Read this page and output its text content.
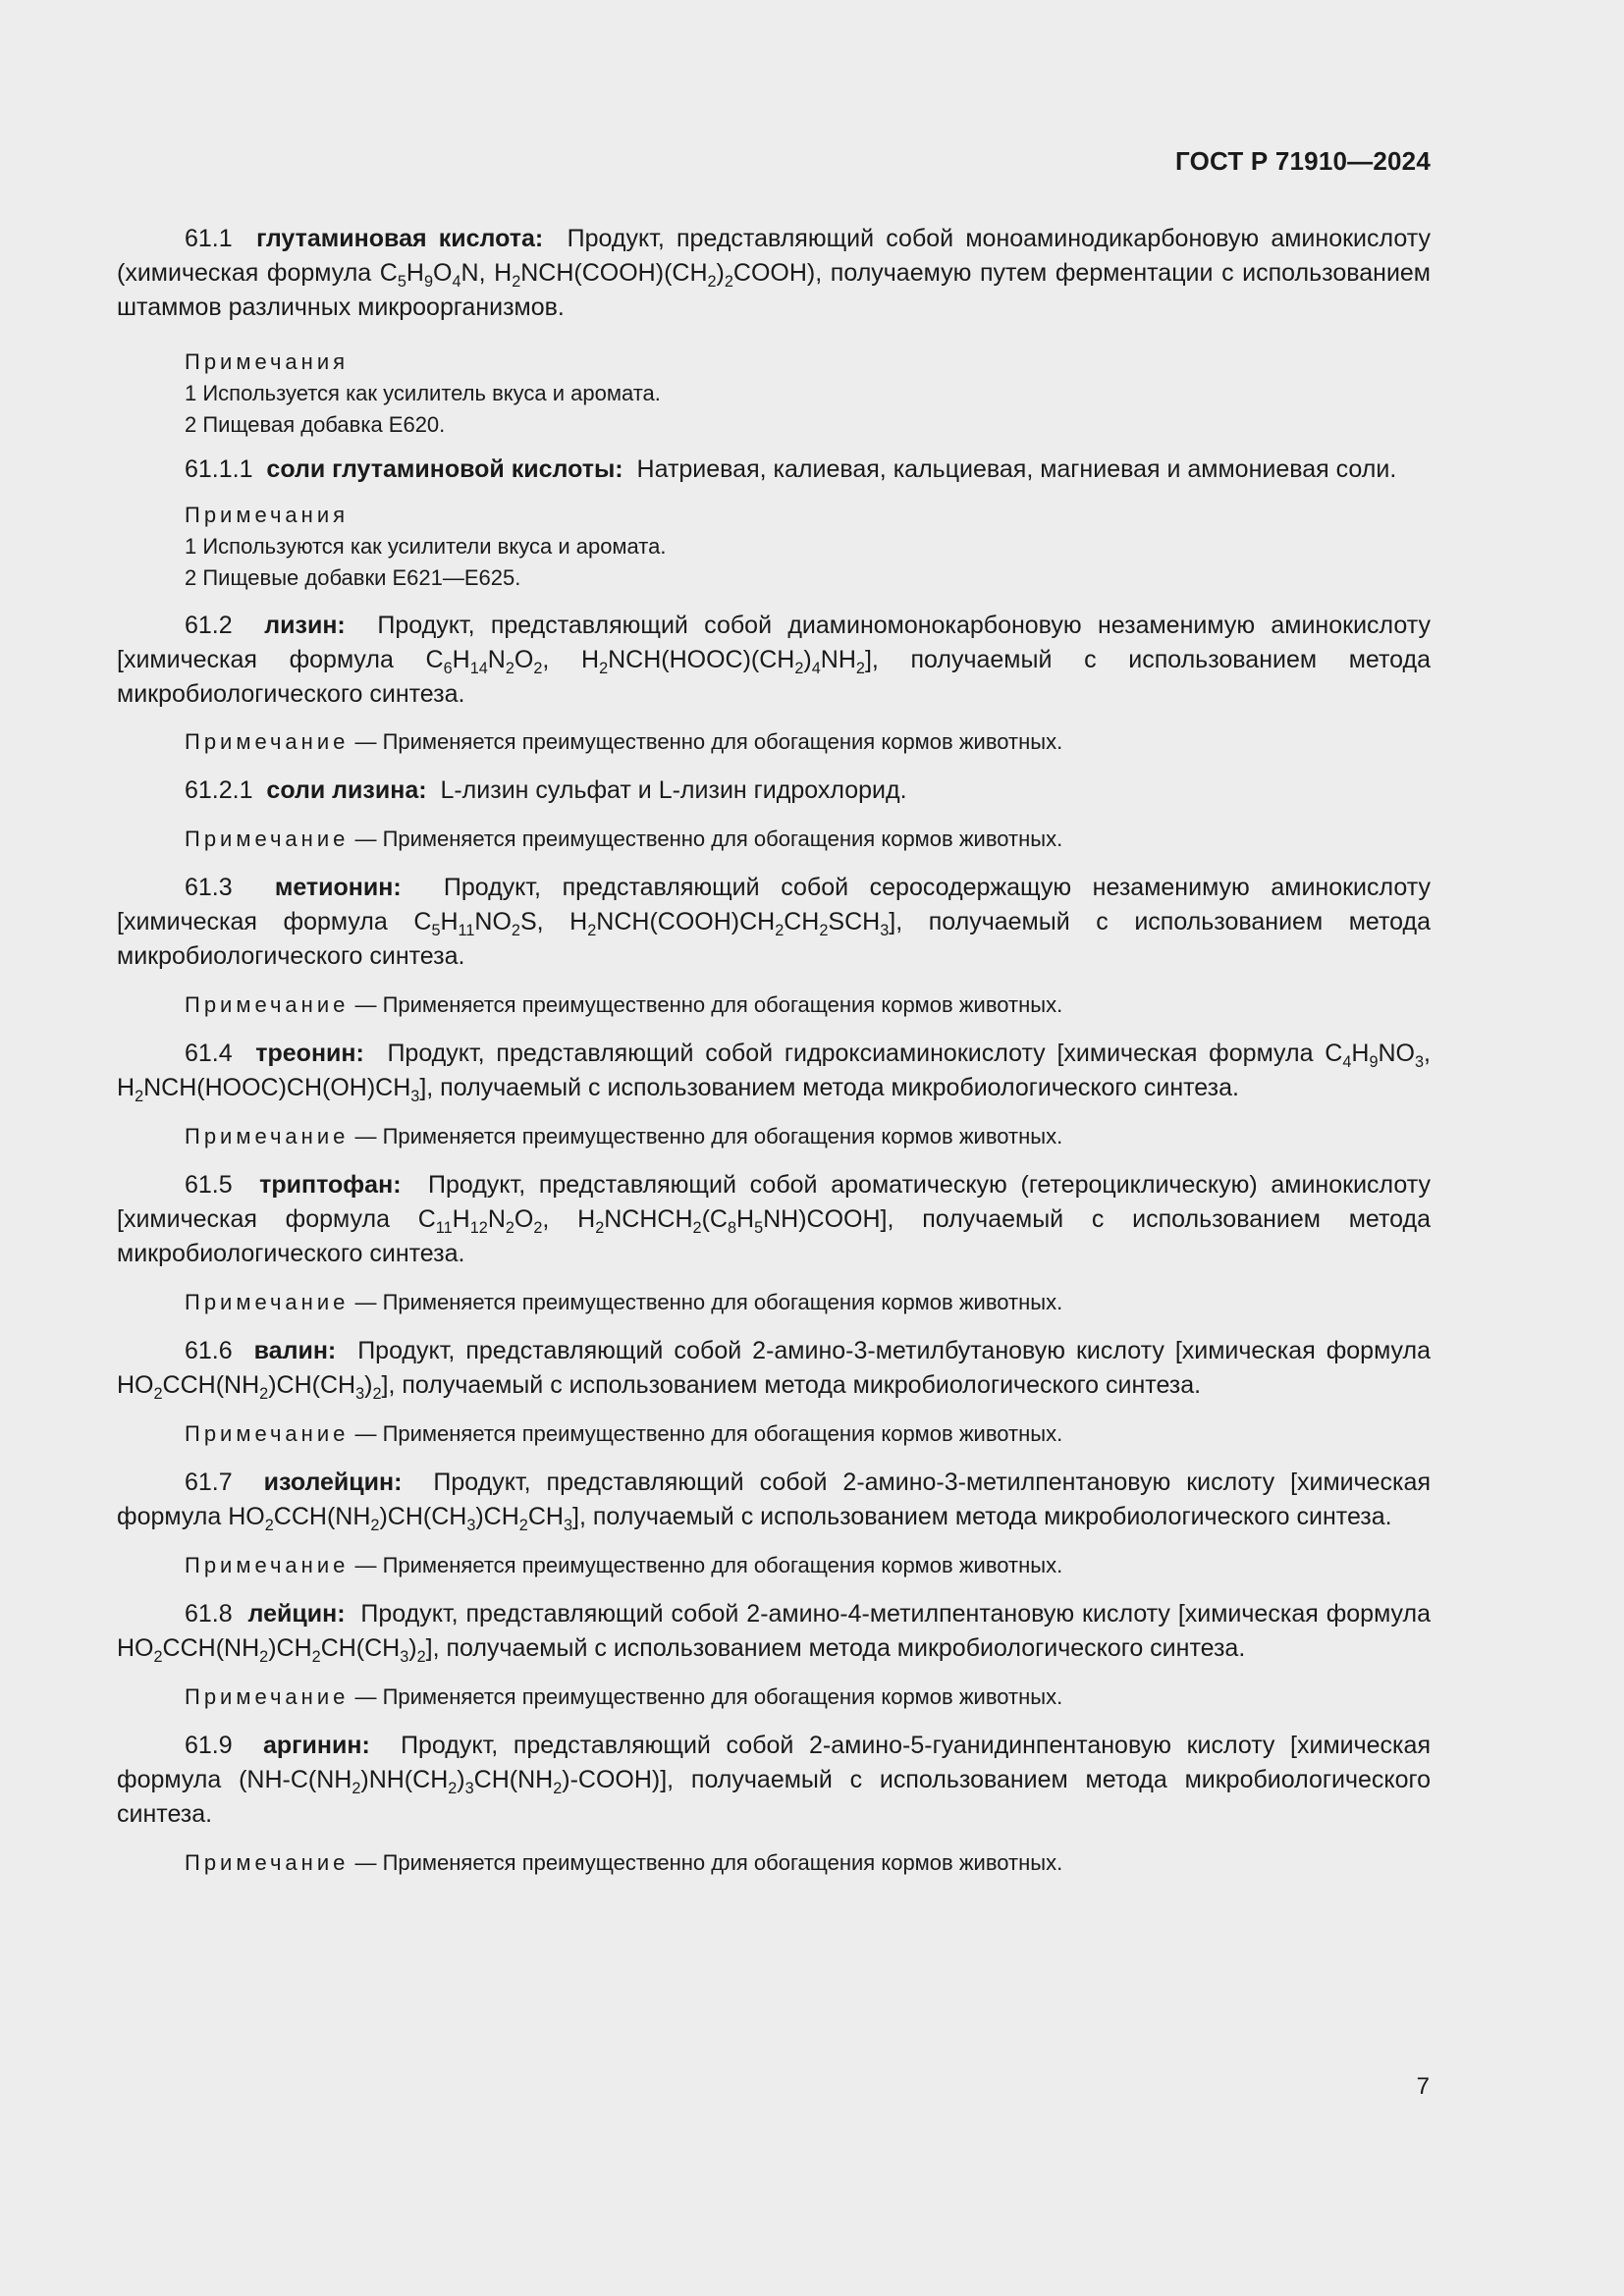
ГОСТ Р 71910—2024

61.1 глутаминовая кислота: Продукт, представляющий собой моноаминодикарбоновую аминокислоту (химическая формула $C_5H_9O_4N$, $H_2NCH(COOH)(CH_2)_2COOH$), получаемую путем ферментации с использованием штаммов различных микроорганизмов.

Примечания

1 Используется как усилитель вкуса и аромата.

2 Пищевая добавка Е620.

61.1.1 соли глутаминовой кислоты: Натриевая, калиевая, кальциевая, магниевая и аммониевая соли.

Примечания

1 Используются как усилители вкуса и аромата.

2 Пищевые добавки Е621—Е625.

61.2 лизин: Продукт, представляющий собой диаминомонокарбоновую незаменимую аминокислоту [химическая формула $C_6H_{14}N_2O_2$, $H_2NCH(HOOC)(CH_2)_4NH_2$], получаемый с использованием метода микробиологического синтеза.

Примечание — Применяется преимущественно для обогащения кормов животных.

61.2.1 соли лизина: L-лизин сульфат и L-лизин гидрохлорид.

Примечание — Применяется преимущественно для обогащения кормов животных.

61.3 метионин: Продукт, представляющий собой серосодержащую незаменимую аминокислоту [химическая формула $C_5H_{11}NO_2S$, $H_2NCH(COOH)CH_2CH_2SCH_3$], получаемый с использованием метода микробиологического синтеза.

Примечание — Применяется преимущественно для обогащения кормов животных.

61.4 треонин: Продукт, представляющий собой гидроксиаминокислоту [химическая формула $C_4H_9NO_3$, $H_2NCH(HOOC)CH(OH)CH_3$], получаемый с использованием метода микробиологического синтеза.

Примечание — Применяется преимущественно для обогащения кормов животных.

61.5 триптофан: Продукт, представляющий собой ароматическую (гетероциклическую) аминокислоту [химическая формула $C_{11}H_{12}N_2O_2$, $H_2NCHCH_2(C_8H_5NH)COOH$], получаемый с использованием метода микробиологического синтеза.

Примечание — Применяется преимущественно для обогащения кормов животных.

61.6 валин: Продукт, представляющий собой 2-амино-3-метилбутановую кислоту [химическая формула $HO_2CCH(NH_2)CH(CH_3)_2$], получаемый с использованием метода микробиологического синтеза.

Примечание — Применяется преимущественно для обогащения кормов животных.

61.7 изолейцин: Продукт, представляющий собой 2-амино-3-метилпентановую кислоту [химическая формула $HO_2CCH(NH_2)CH(CH_3)CH_2CH_3$], получаемый с использованием метода микробиологического синтеза.

Примечание — Применяется преимущественно для обогащения кормов животных.

61.8 лейцин: Продукт, представляющий собой 2-амино-4-метилпентановую кислоту [химическая формула $HO_2CCH(NH_2)CH_2CH(CH_3)_2$], получаемый с использованием метода микробиологического синтеза.

Примечание — Применяется преимущественно для обогащения кормов животных.

61.9 аргинин: Продукт, представляющий собой 2-амино-5-гуанидинпентановую кислоту [химическая формула $(NH-C(NH_2)NH(CH_2)_3CH(NH_2)-COOH)$], получаемый с использованием метода микробиологического синтеза.

Примечание — Применяется преимущественно для обогащения кормов животных.

7
